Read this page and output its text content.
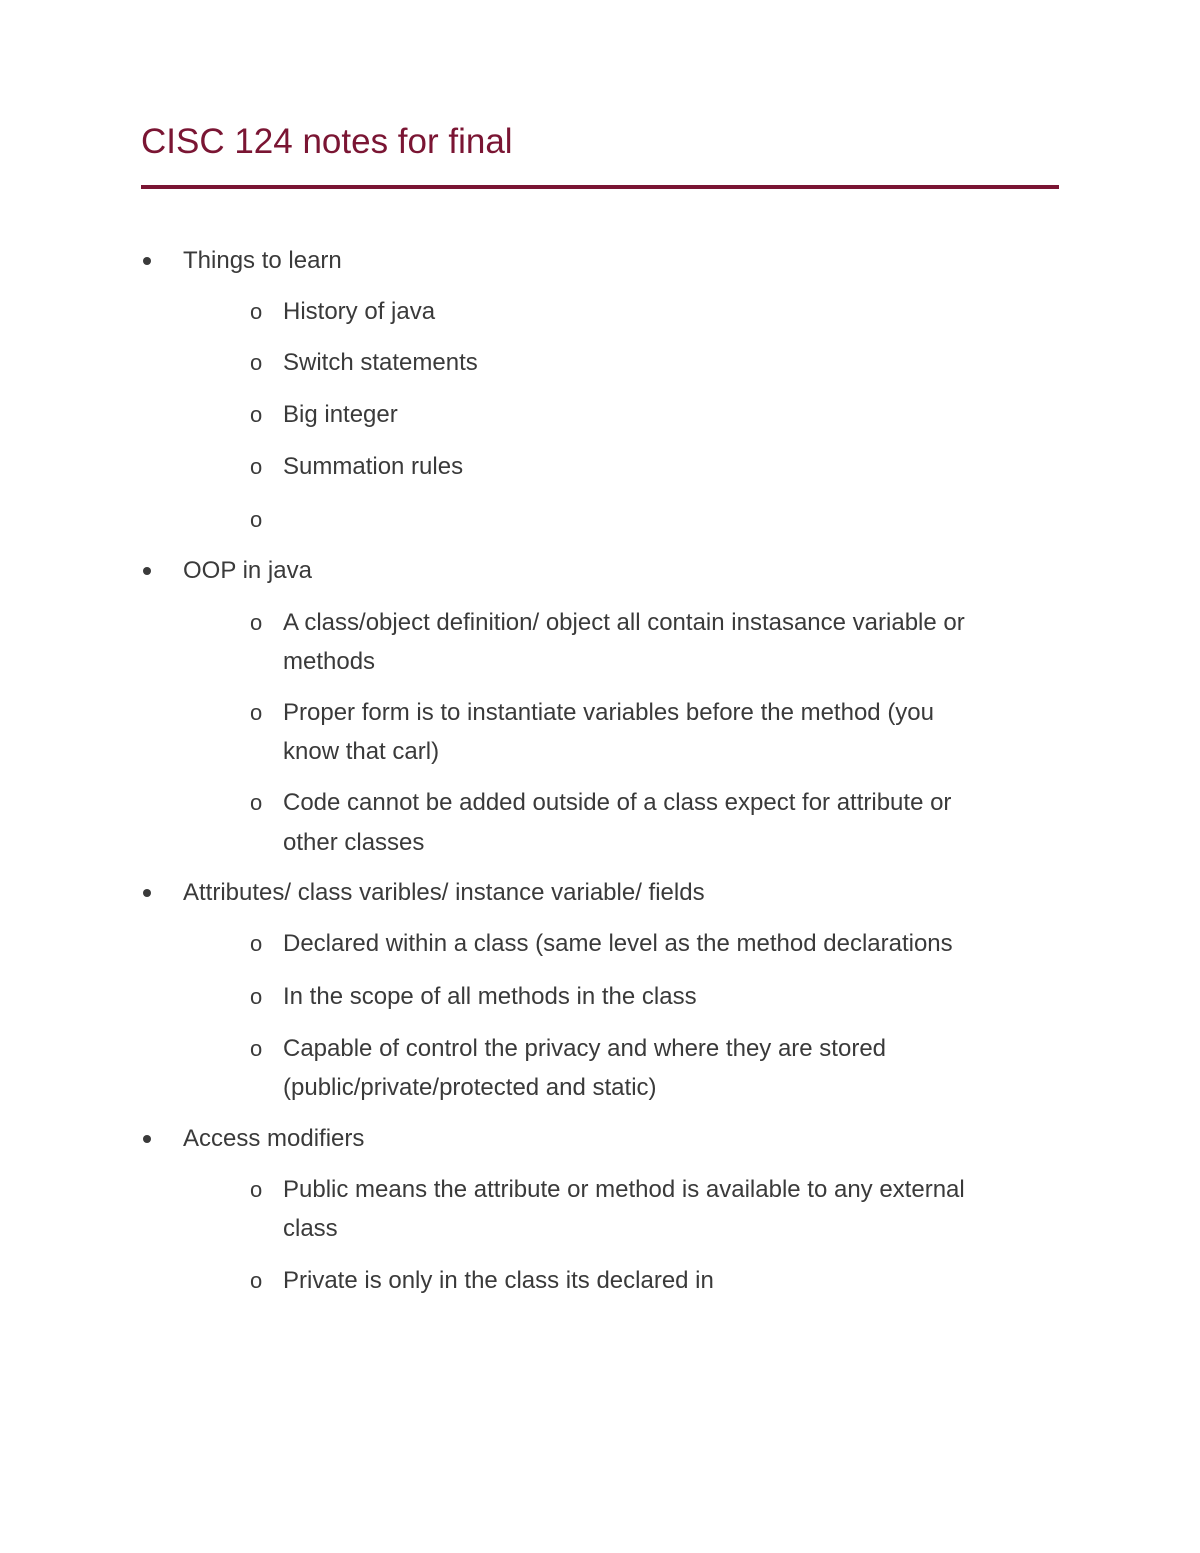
CISC 124 notes for final
Things to learn
o History of java
o Switch statements
o Big integer
o Summation rules
o
OOP in java
o A class/object definition/ object all contain instasance variable or
methods
o Proper form is to instantiate variables before the method (you
know that carl)
o Code cannot be added outside of a class expect for attribute or
other classes
Attributes/ class varibles/ instance variable/ fields
o Declared within a class (same level as the method declarations
o In the scope of all methods in the class
o Capable of control the privacy and where they are stored
(public/private/protected and static)
Access modifiers
o Public means the attribute or method is available to any external
class
o Private is only in the class its declared in
